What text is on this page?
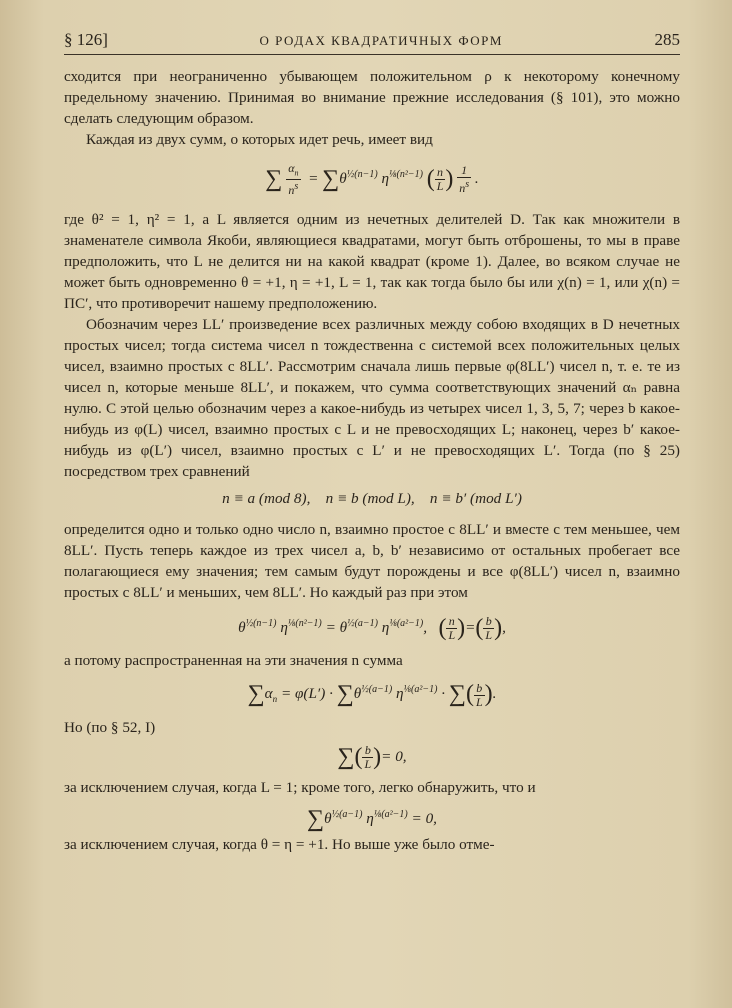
§ 126]	О РОДАХ КВАДРАТИЧНЫХ ФОРМ	285

сходится при неограниченно убывающем положительном ρ к некоторому конечному предельному значению. Принимая во внимание прежние исследования (§ 101), это можно сделать следующим образом.

Каждая из двух сумм, о которых идет речь, имеет вид

∑ $\frac{\alpha_n}{n^s} = \sum\theta^{\frac{1}{2}(n-1)}$ $\eta^{\frac{1}{8}(n^2-1)}$ ( $\frac{n}{L}$ ) $\frac{1}{n^s}$ .

где θ² = 1, η² = 1, а L является одним из нечетных делителей D. Так как множители в знаменателе символа Якоби, являющиеся квадратами, могут быть отброшены, то мы в праве предположить, что L не делится ни на какой квадрат (кроме 1). Далее, во всяком случае не может быть одновременно θ = +1, η = +1, L = 1, так как тогда было бы или χ(n) = 1, или χ(n) = ΠC′, что противоречит нашему предположению.

Обозначим через LL′ произведение всех различных между собою входящих в D нечетных простых чисел; тогда система чисел n тождественна с системой всех положительных целых чисел, взаимно простых с 8LL′. Рассмотрим сначала лишь первые φ(8LL′) чисел n, т. е. те из чисел n, которые меньше 8LL′, и покажем, что сумма соответствующих значений αₙ равна нулю. С этой целью обозначим через a какое-нибудь из четырех чисел 1, 3, 5, 7; через b какое-нибудь из φ(L) чисел, взаимно простых с L и не превосходящих L; наконец, через b′ какое-нибудь из φ(L′) чисел, взаимно простых с L′ и не превосходящих L′. Тогда (по § 25) посредством трех сравнений

n ≡ a (mod 8), n ≡ b (mod L), n ≡ b′ (mod L′)

определится одно и только одно число n, взаимно простое с 8LL′ и вместе с тем меньшее, чем 8LL′. Пусть теперь каждое из трех чисел a, b, b′ независимо от остальных пробегает все полагающиеся ему значения; тем самым будут порождены и все φ(8LL′) чисел n, взаимно простых с 8LL′ и меньших, чем 8LL′. Но каждый раз при этом

$\theta^{\frac{1}{2}(n-1)}$ $\eta^{\frac{1}{8}(n^2-1)} = \theta^{\frac{1}{2}(a-1)}$ $\eta^{\frac{1}{8}(a^2-1)}$,   ( $\frac{n}{L}$ )=( $\frac{b}{L}$ ),

а потому распространенная на эти значения n сумма

$\sum\alpha_n = \varphi(L') \cdot \sum\theta^{\frac{1}{2}(a-1)}$ $\eta^{\frac{1}{8}(a^2-1)}$ · ∑( $\frac{b}{L}$ ).

Но (по § 52, I)

∑( $\frac{b}{L}$ )= 0,

за исключением случая, когда L = 1; кроме того, легко обнаружить, что и

$\sum\theta^{\frac{1}{2}(a-1)}$ $\eta^{\frac{1}{8}(a^2-1)} = 0$,

за исключением случая, когда θ = η = +1. Но выше уже было отме-
